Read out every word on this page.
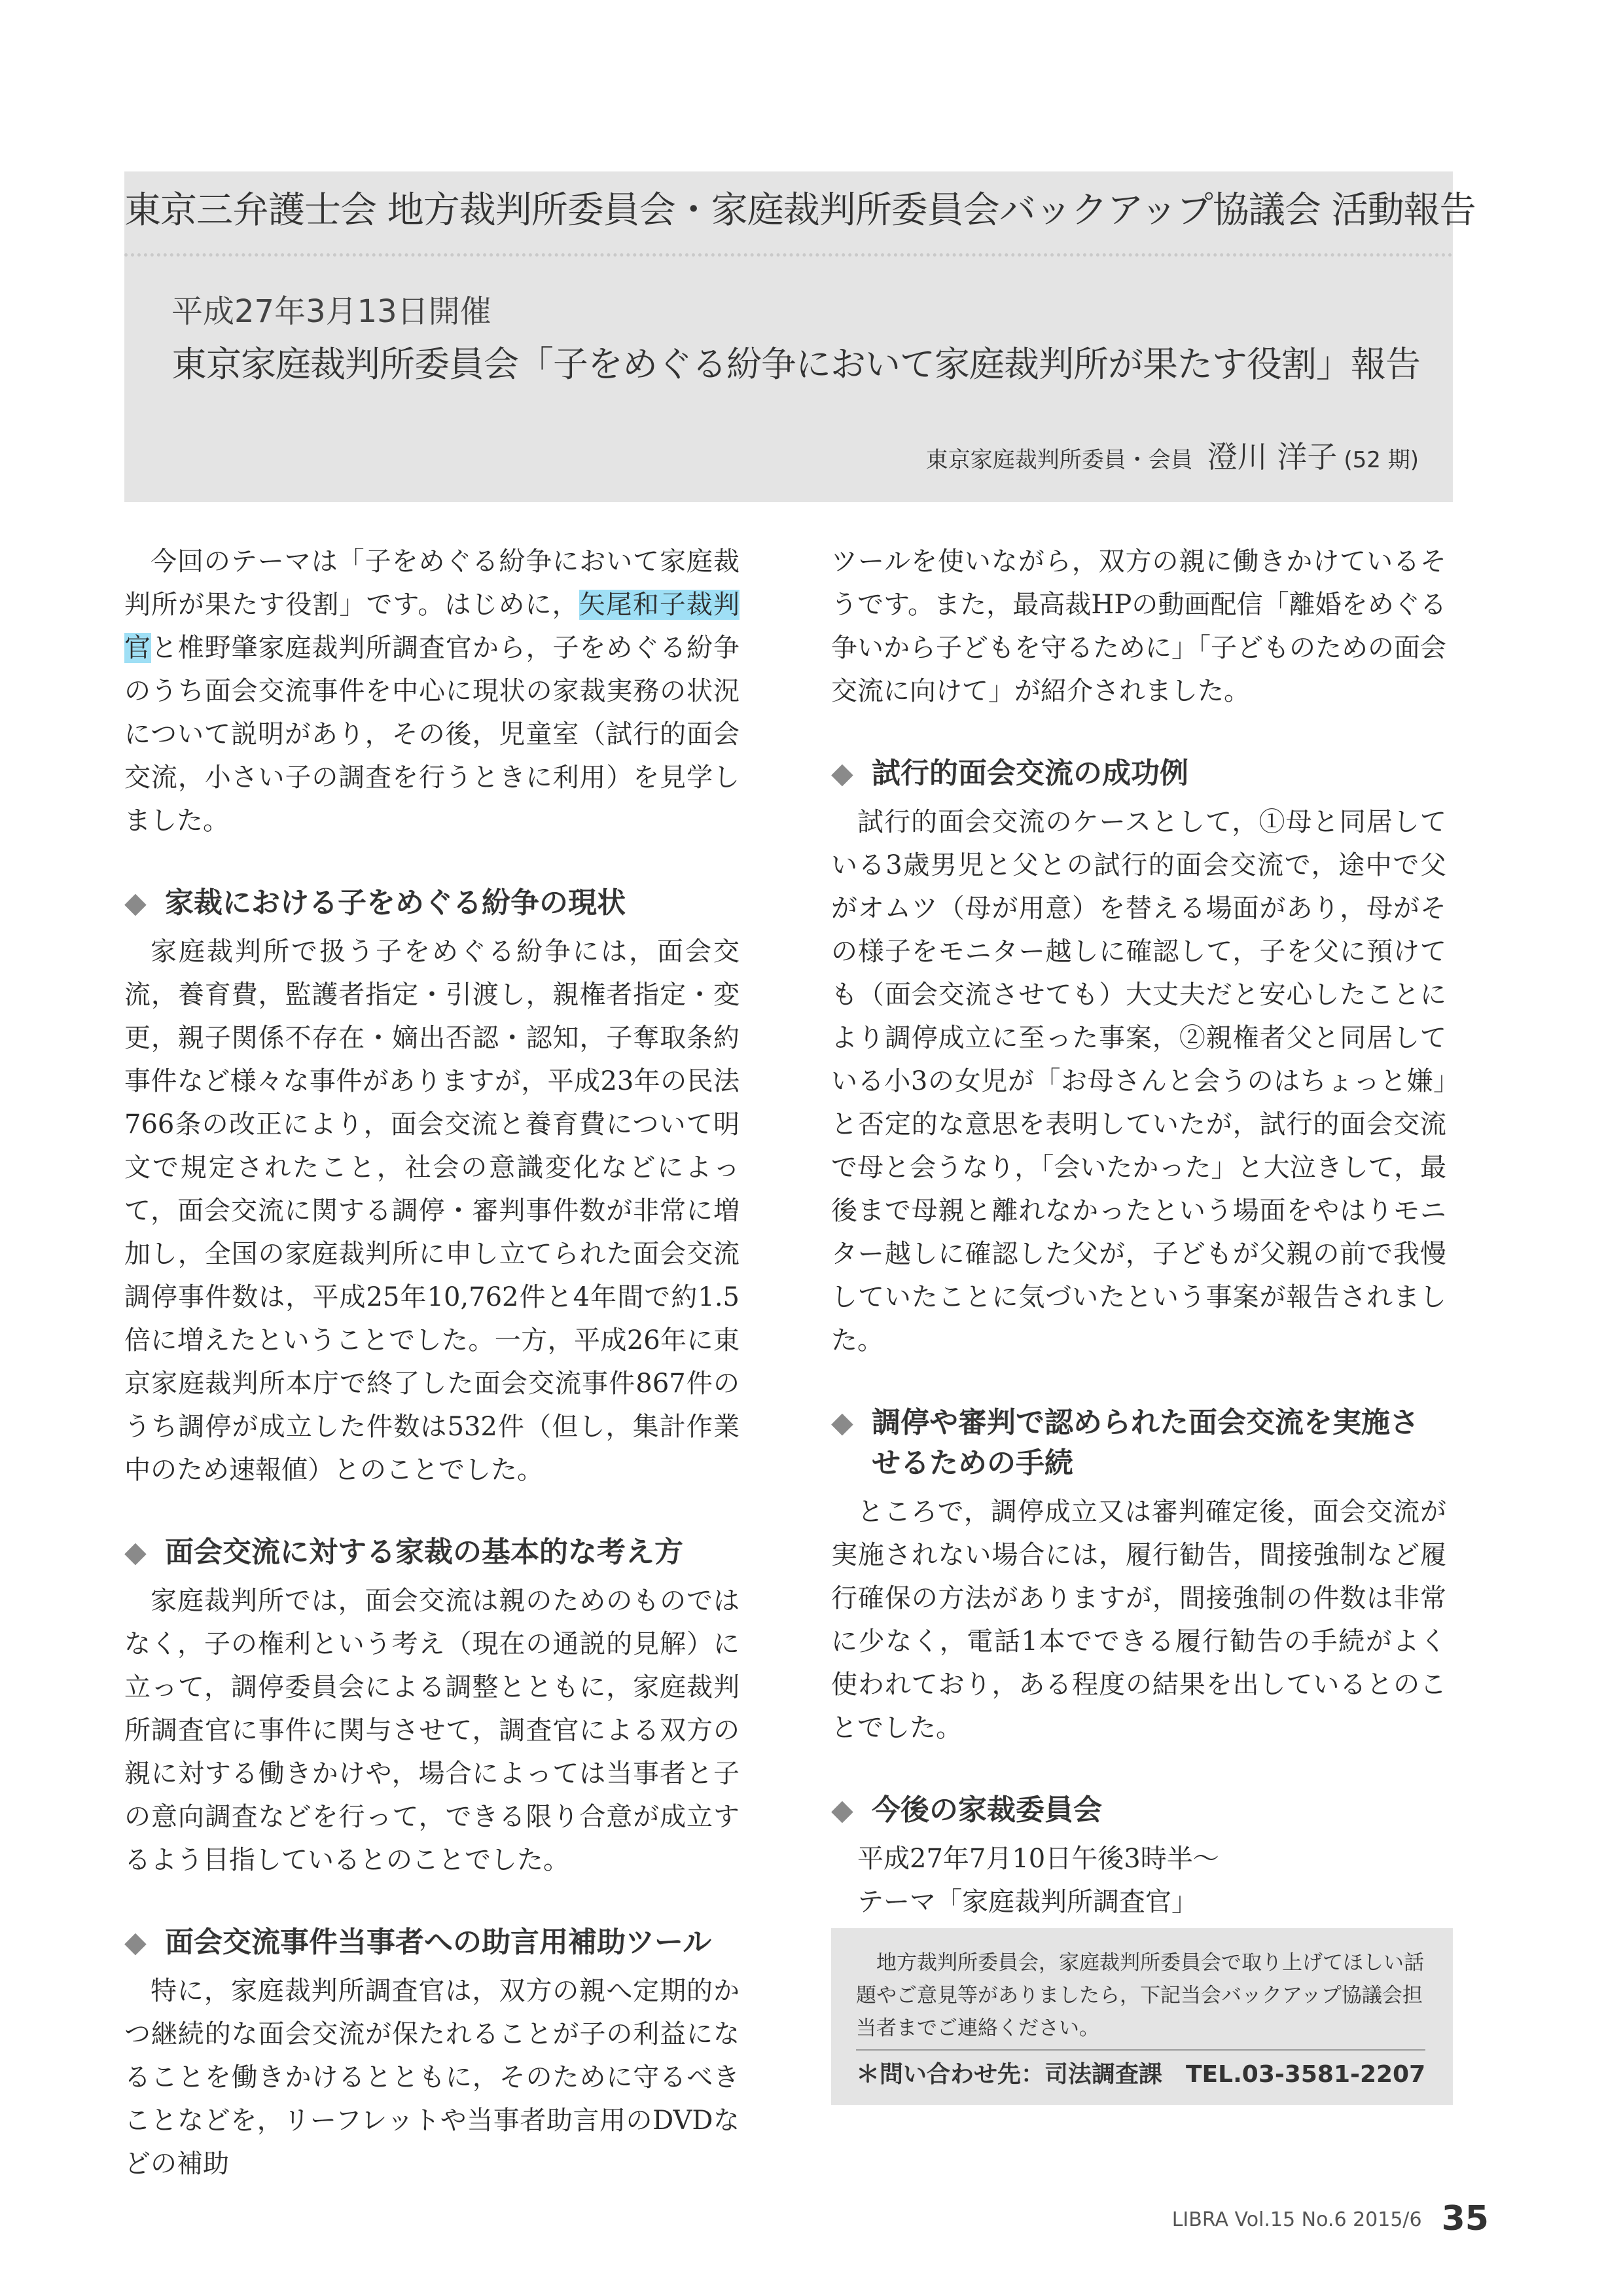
東京三弁護士会 地方裁判所委員会・家庭裁判所委員会バックアップ協議会 活動報告
平成27年3月13日開催
東京家庭裁判所委員会「子をめぐる紛争において家庭裁判所が果たす役割」報告
東京家庭裁判所委員・会員 澄川 洋子 (52 期)

今回のテーマは「子をめぐる紛争において家庭裁判所が果たす役割」です。はじめに，矢尾和子裁判官と椎野肇家庭裁判所調査官から，子をめぐる紛争のうち面会交流事件を中心に現状の家裁実務の状況について説明があり，その後，児童室（試行的面会交流，小さい子の調査を行うときに利用）を見学しました。

◆ 家裁における子をめぐる紛争の現状

家庭裁判所で扱う子をめぐる紛争には，面会交流，養育費，監護者指定・引渡し，親権者指定・変更，親子関係不存在・嫡出否認・認知，子奪取条約事件など様々な事件がありますが，平成23年の民法766条の改正により，面会交流と養育費について明文で規定されたこと，社会の意識変化などによって，面会交流に関する調停・審判事件数が非常に増加し，全国の家庭裁判所に申し立てられた面会交流調停事件数は，平成25年10,762件と4年間で約1.5倍に増えたということでした。一方，平成26年に東京家庭裁判所本庁で終了した面会交流事件867件のうち調停が成立した件数は532件（但し，集計作業中のため速報値）とのことでした。

◆ 面会交流に対する家裁の基本的な考え方

家庭裁判所では，面会交流は親のためのものではなく，子の権利という考え（現在の通説的見解）に立って，調停委員会による調整とともに，家庭裁判所調査官に事件に関与させて，調査官による双方の親に対する働きかけや，場合によっては当事者と子の意向調査などを行って，できる限り合意が成立するよう目指しているとのことでした。

◆ 面会交流事件当事者への助言用補助ツール

特に，家庭裁判所調査官は，双方の親へ定期的かつ継続的な面会交流が保たれることが子の利益になることを働きかけるとともに，そのために守るべきことなどを，リーフレットや当事者助言用のDVDなどの補助

ツールを使いながら，双方の親に働きかけているそうです。また，最高裁HPの動画配信「離婚をめぐる争いから子どもを守るために」「子どものための面会交流に向けて」が紹介されました。

◆ 試行的面会交流の成功例

試行的面会交流のケースとして，①母と同居している3歳男児と父との試行的面会交流で，途中で父がオムツ（母が用意）を替える場面があり，母がその様子をモニター越しに確認して，子を父に預けても（面会交流させても）大丈夫だと安心したことにより調停成立に至った事案，②親権者父と同居している小3の女児が「お母さんと会うのはちょっと嫌」と否定的な意思を表明していたが，試行的面会交流で母と会うなり，「会いたかった」と大泣きして，最後まで母親と離れなかったという場面をやはりモニター越しに確認した父が，子どもが父親の前で我慢していたことに気づいたという事案が報告されました。

◆ 調停や審判で認められた面会交流を実施させるための手続

ところで，調停成立又は審判確定後，面会交流が実施されない場合には，履行勧告，間接強制など履行確保の方法がありますが，間接強制の件数は非常に少なく，電話1本でできる履行勧告の手続がよく使われており，ある程度の結果を出しているとのことでした。

◆ 今後の家裁委員会

平成27年7月10日午後3時半～

テーマ「家庭裁判所調査官」

地方裁判所委員会，家庭裁判所委員会で取り上げてほしい話題やご意見等がありましたら，下記当会バックアップ協議会担当者までご連絡ください。

＊問い合わせ先：司法調査課　TEL.03-3581-2207
LIBRA Vol.15 No.6 2015/6 35
